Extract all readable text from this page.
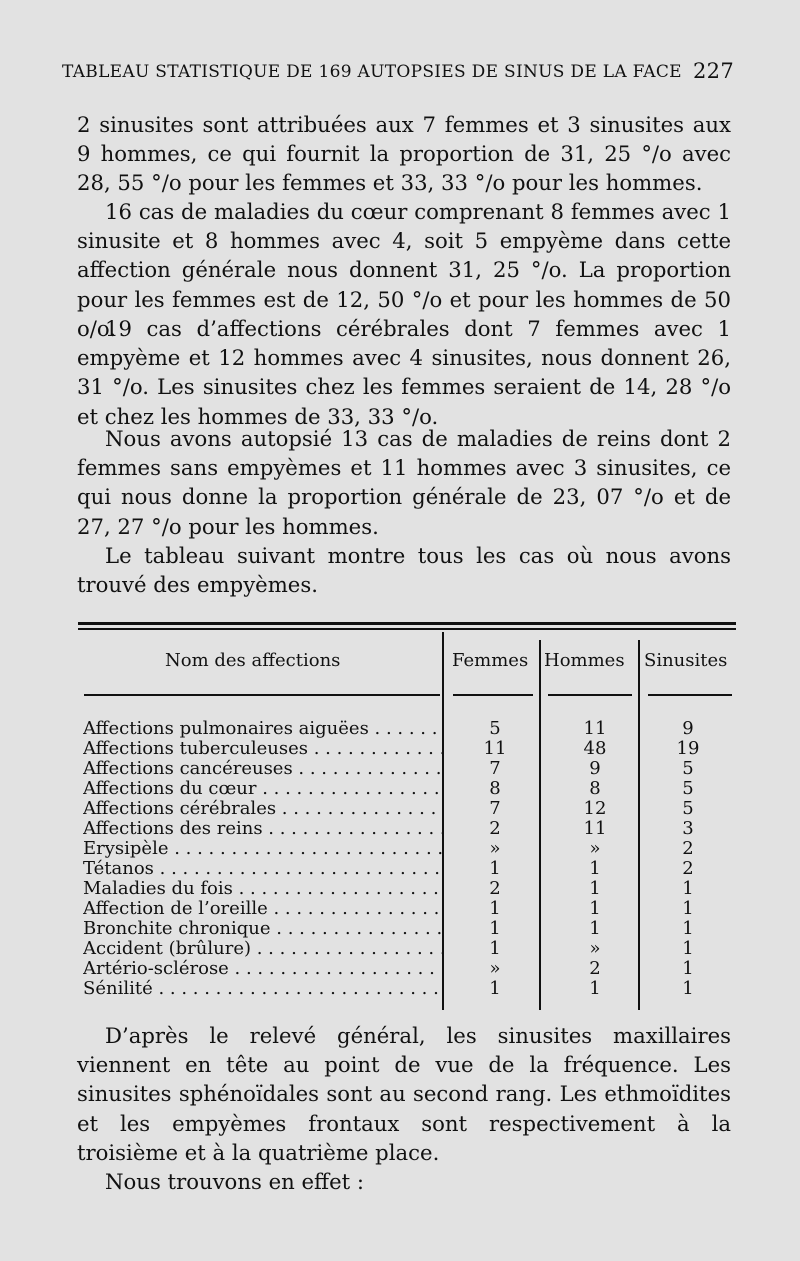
TABLEAU STATISTIQUE DE 169 AUTOPSIES DE SINUS DE LA FACE 227

2 sinusites sont attribuées aux 7 femmes et 3 sinusites aux 9 hommes, ce qui fournit la proportion de 31, 25 °/o avec 28, 55 °/o pour les femmes et 33, 33 °/o pour les hommes.

16 cas de maladies du cœur comprenant 8 femmes avec 1 sinusite et 8 hommes avec 4, soit 5 empyème dans cette affection générale nous donnent 31, 25 °/o. La proportion pour les femmes est de 12, 50 °/o et pour les hommes de 50 o/o.

19 cas d’affections cérébrales dont 7 femmes avec 1 empyème et 12 hommes avec 4 sinusites, nous donnent 26, 31 °/o. Les sinusites chez les femmes seraient de 14, 28 °/o et chez les hommes de 33, 33 °/o.

Nous avons autopsié 13 cas de maladies de reins dont 2 femmes sans empyèmes et 11 hommes avec 3 sinusites, ce qui nous donne la proportion générale de 23, 07 °/o et de 27, 27 °/o pour les hommes.

Le tableau suivant montre tous les cas où nous avons trouvé des empyèmes.

Nom des affections	Femmes Hommes Sinusites
Affections pulmonaires aiguëes . . .	5	11	9
Affections tuberculeuses . . .	11	48	19
Affections cancéreuses . . .	7	9	5
Affections du cœur . . .	8	8	5
Affections cérébrales . . .	7	12	5
Affections des reins . . .	2	11	3
Erysipèle . . .	»	»	2
Tétanos . . .	1	1	2
Maladies du fois . . .	2	1	1
Affection de l’oreille . . .	1	1	1
Bronchite chronique . . .	1	1	1
Accident (brûlure) . . .	1	»	1
Artério-sclérose . . .	»	2	1
Sénilité . . .	1	1	1

D’après le relevé général, les sinusites maxillaires viennent en tête au point de vue de la fréquence. Les sinusites sphénoïdales sont au second rang. Les ethmoïdites et les empyèmes frontaux sont respectivement à la troisième et à la quatrième place.

Nous trouvons en effet :
